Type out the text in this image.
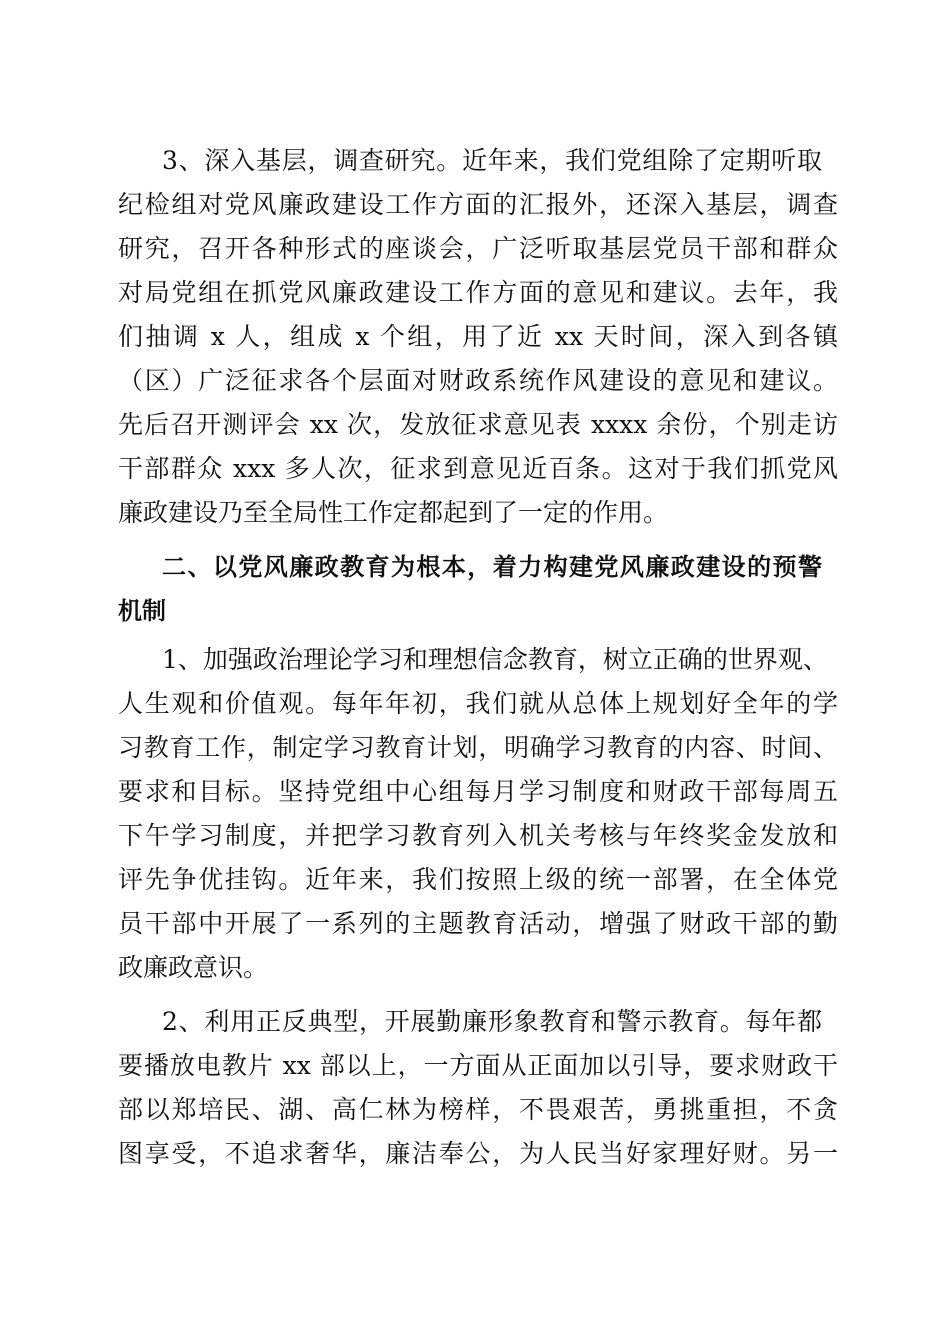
3、深入基层，调查研究。近年来，我们党组除了定期听取
纪检组对党风廉政建设工作方面的汇报外，还深入基层，调查
研究，召开各种形式的座谈会，广泛听取基层党员干部和群众
对局党组在抓党风廉政建设工作方面的意见和建议。去年，我
们抽调 x 人，组成 x 个组，用了近 xx 天时间，深入到各镇
（区）广泛征求各个层面对财政系统作风建设的意见和建议。
先后召开测评会 xx 次，发放征求意见表 xxxx 余份，个别走访
干部群众 xxx 多人次，征求到意见近百条。这对于我们抓党风
廉政建设乃至全局性工作定都起到了一定的作用。
二、以党风廉政教育为根本，着力构建党风廉政建设的预警
机制
1、加强政治理论学习和理想信念教育，树立正确的世界观、
人生观和价值观。每年年初，我们就从总体上规划好全年的学
习教育工作，制定学习教育计划，明确学习教育的内容、时间、
要求和目标。坚持党组中心组每月学习制度和财政干部每周五
下午学习制度，并把学习教育列入机关考核与年终奖金发放和
评先争优挂钩。近年来，我们按照上级的统一部署，在全体党
员干部中开展了一系列的主题教育活动，增强了财政干部的勤
政廉政意识。
2、利用正反典型，开展勤廉形象教育和警示教育。每年都
要播放电教片 xx 部以上，一方面从正面加以引导，要求财政干
部以郑培民、湖、高仁林为榜样，不畏艰苦，勇挑重担，不贪
图享受，不追求奢华，廉洁奉公，为人民当好家理好财。另一
